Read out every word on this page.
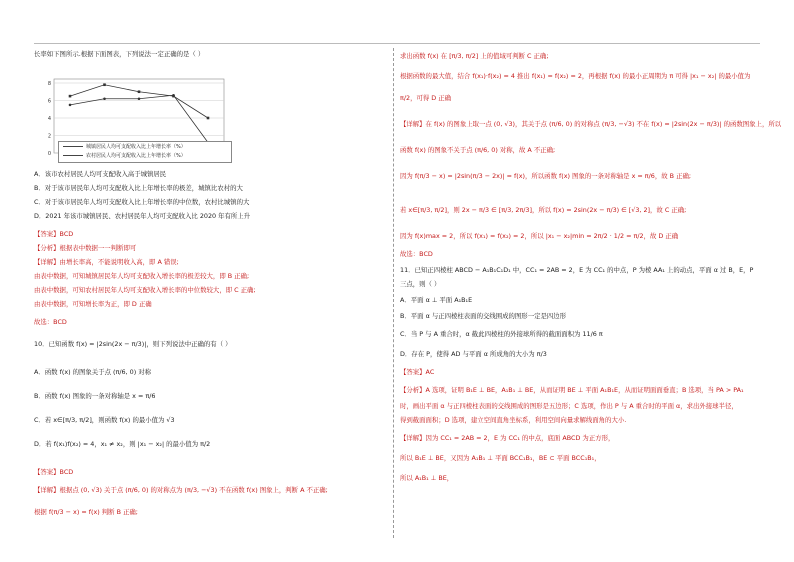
长率如下图所示.根据下面图表，下列说法一定正确的是（ ）
0
2
4
6
8
城镇居民人均可支配收入比上年增长率（%）
农村居民人均可支配收入比上年增长率（%）
A．该市农村居民人均可支配收入高于城镇居民
B．对于该市居民年人均可支配收入比上年增长率的极差，城镇比农村的大
C．对于该市居民年人均可支配收入比上年增长率的中位数，农村比城镇的大
D．2021 年该市城镇居民、农村居民年人均可支配收入比 2020 年有所上升
【答案】BCD
【分析】根据表中数据一一判断即可
【详解】由增长率高，不能说明收入高，即 A 错误;
由表中数据，可知城镇居民年人均可支配收入增长率的极差较大，即 B 正确;
由表中数据，可知农村居民年人均可支配收入增长率的中位数较大，即 C 正确;
由表中数据，可知增长率为正，即 D 正确
故选：BCD
10．已知函数 f(x) = |2sin(2x − π/3)|，则下列说法中正确的有（ ）
A．函数 f(x) 的图象关于点 (π/6, 0) 对称
B．函数 f(x) 图象的一条对称轴是 x = π/6
C．若 x∈[π/3, π/2]，则函数 f(x) 的最小值为 √3
D．若 f(x₁)f(x₂) = 4，x₁ ≠ x₂，则 |x₁ − x₂| 的最小值为 π/2
【答案】BCD
【详解】根据点 (0, √3) 关于点 (π/6, 0) 的对称点为 (π/3, −√3) 不在函数 f(x) 图象上，判断 A 不正确;
根据 f(π/3 − x) = f(x) 判断 B 正确;
求出函数 f(x) 在 [π/3, π/2] 上的值域可判断 C 正确;
根据函数的最大值，结合 f(x₁)·f(x₂) = 4 推出 f(x₁) = f(x₂) = 2，再根据 f(x) 的最小正周期为 π 可得 |x₁ − x₂| 的最小值为
π/2，可得 D 正确
【详解】在 f(x) 的图象上取一点 (0, √3)，其关于点 (π/6, 0) 的对称点 (π/3, −√3) 不在 f(x) = |2sin(2x − π/3)| 的函数图象上，所以
函数 f(x) 的图象不关于点 (π/6, 0) 对称，故 A 不正确;
因为 f(π/3 − x) = |2sin(π/3 − 2x)| = f(x)，所以函数 f(x) 图象的一条对称轴是 x = π/6，故 B 正确;
若 x∈[π/3, π/2]，则 2x − π/3 ∈ [π/3, 2π/3]，所以 f(x) = 2sin(2x − π/3) ∈ [√3, 2]，故 C 正确;
因为 f(x)max = 2，所以 f(x₁) = f(x₂) = 2，所以 |x₁ − x₂|min = 2π/2 · 1/2 = π/2，故 D 正确
故选：BCD
11．已知正四棱柱 ABCD − A₁B₁C₁D₁ 中，CC₁ = 2AB = 2，E 为 CC₁ 的中点，P 为棱 AA₁ 上的动点，平面 α 过 B，E，P
三点，则（ ）
A．平面 α ⊥ 平面 A₁B₁E
B．平面 α 与正四棱柱表面的交线围成的图形一定是四边形
C．当 P 与 A 重合时，α 截此四棱柱的外接球所得的截面面积为 11/6 π
D．存在 P，使得 AD 与平面 α 所成角的大小为 π/3
【答案】AC
【分析】A 选项，证明 B₁E ⊥ BE，A₁B₁ ⊥ BE，从而证明 BE ⊥ 平面 A₁B₁E，从而证明面面垂直；B 选项，当 PA > PA₁
时，画出平面 α 与正四棱柱表面的交线围成的图形是五边形；C 选项，作出 P 与 A 重合时的平面 α，求出外接球半径，
得到截面面积；D 选项，建立空间直角坐标系，利用空间向量求解线面角的大小.
【详解】因为 CC₁ = 2AB = 2，E 为 CC₁ 的中点，底面 ABCD 为正方形，
所以 B₁E ⊥ BE，又因为 A₁B₁ ⊥ 平面 BCC₁B₁，BE ⊂ 平面 BCC₁B₁，
所以 A₁B₁ ⊥ BE，
